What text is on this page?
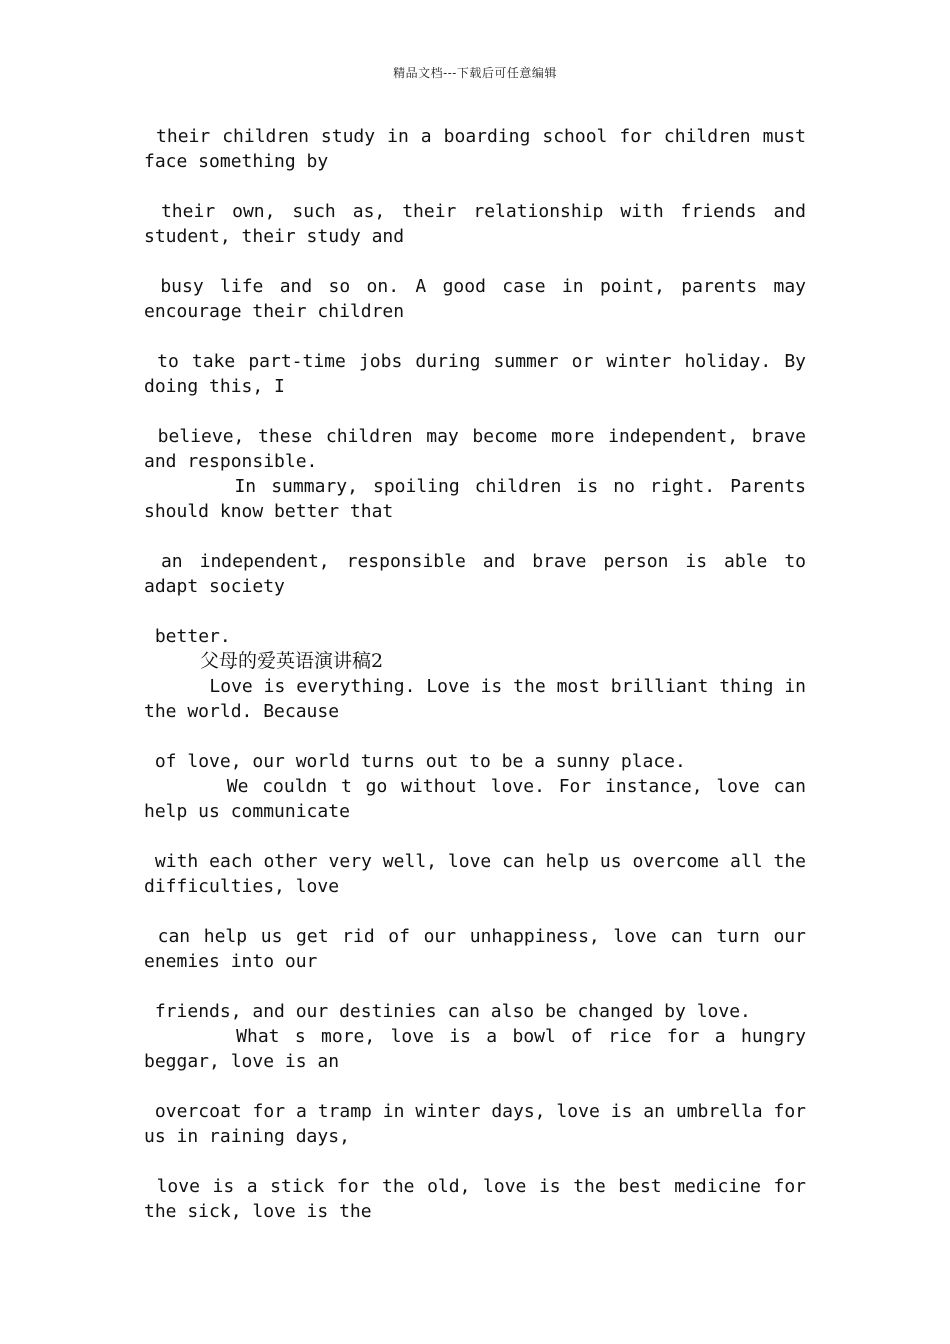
精品文档---下载后可任意编辑

their children study in a boarding school for children must face something by

their own, such as, their relationship with friends and student, their study and

busy life and so on. A good case in point, parents may encourage their children

to take part-time jobs during summer or winter holiday. By doing this, I

believe, these children may become more independent, brave and responsible.

In summary, spoiling children is no right. Parents should know better that

an independent, responsible and brave person is able to adapt society

better.

父母的爱英语演讲稿2

Love is everything. Love is the most brilliant thing in the world. Because

of love, our world turns out to be a sunny place.

We couldn t go without love. For instance, love can help us communicate

with each other very well, love can help us overcome all the difficulties, love

can help us get rid of our unhappiness, love can turn our enemies into our

friends, and our destinies can also be changed by love.

What s more, love is a bowl of rice for a hungry beggar, love is an

overcoat for a tramp in winter days, love is an umbrella for us in raining days,

love is a stick for the old, love is the best medicine for the sick, love is the
